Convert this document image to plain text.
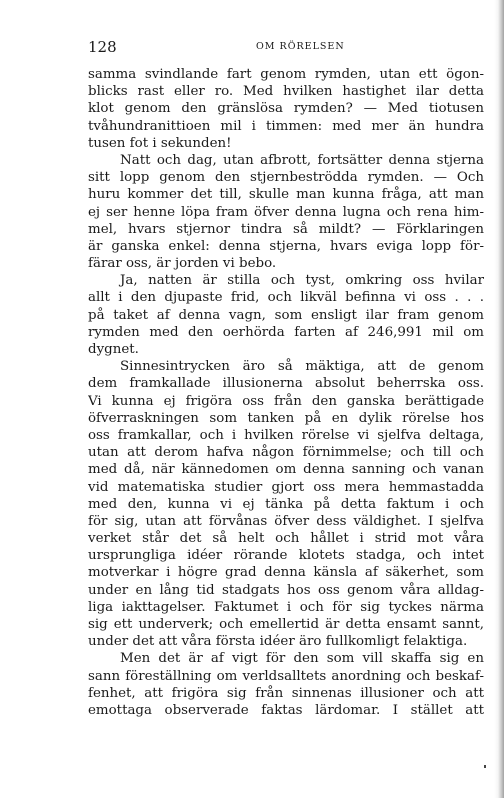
128	OM RÖRELSEN
samma svindlande fart genom rymden, utan ett ögon-
blicks rast eller ro. Med hvilken hastighet ilar detta
klot genom den gränslösa rymden? — Med tiotusen
tvåhundranittioen mil i timmen: med mer än hundra
tusen fot i sekunden!
Natt och dag, utan afbrott, fortsätter denna stjerna
sitt lopp genom den stjernbeströdda rymden. — Och
huru kommer det till, skulle man kunna fråga, att man
ej ser henne löpa fram öfver denna lugna och rena him-
mel, hvars stjernor tindra så mildt? — Förklaringen
är ganska enkel: denna stjerna, hvars eviga lopp för-
färar oss, är jorden vi bebo.
Ja, natten är stilla och tyst, omkring oss hvilar
allt i den djupaste frid, och likväl befinna vi oss . . .
på taket af denna vagn, som ensligt ilar fram genom
rymden med den oerhörda farten af 246,991 mil om
dygnet.
Sinnesintrycken äro så mäktiga, att de genom
dem framkallade illusionerna absolut beherrska oss.
Vi kunna ej frigöra oss från den ganska berättigade
öfverraskningen som tanken på en dylik rörelse hos
oss framkallar, och i hvilken rörelse vi sjelfva deltaga,
utan att derom hafva någon förnimmelse; och till och
med då, när kännedomen om denna sanning och vanan
vid matematiska studier gjort oss mera hemmastadda
med den, kunna vi ej tänka på detta faktum i och
för sig, utan att förvånas öfver dess väldighet. I sjelfva
verket står det så helt och hållet i strid mot våra
ursprungliga idéer rörande klotets stadga, och intet
motverkar i högre grad denna känsla af säkerhet, som
under en lång tid stadgats hos oss genom våra alldag-
liga iakttagelser. Faktumet i och för sig tyckes närma
sig ett underverk; och emellertid är detta ensamt sannt,
under det att våra första idéer äro fullkomligt felaktiga.
Men det är af vigt för den som vill skaffa sig en
sann föreställning om verldsalltets anordning och beskaf-
fenhet, att frigöra sig från sinnenas illusioner och att
emottaga observerade faktas lärdomar. I stället att
